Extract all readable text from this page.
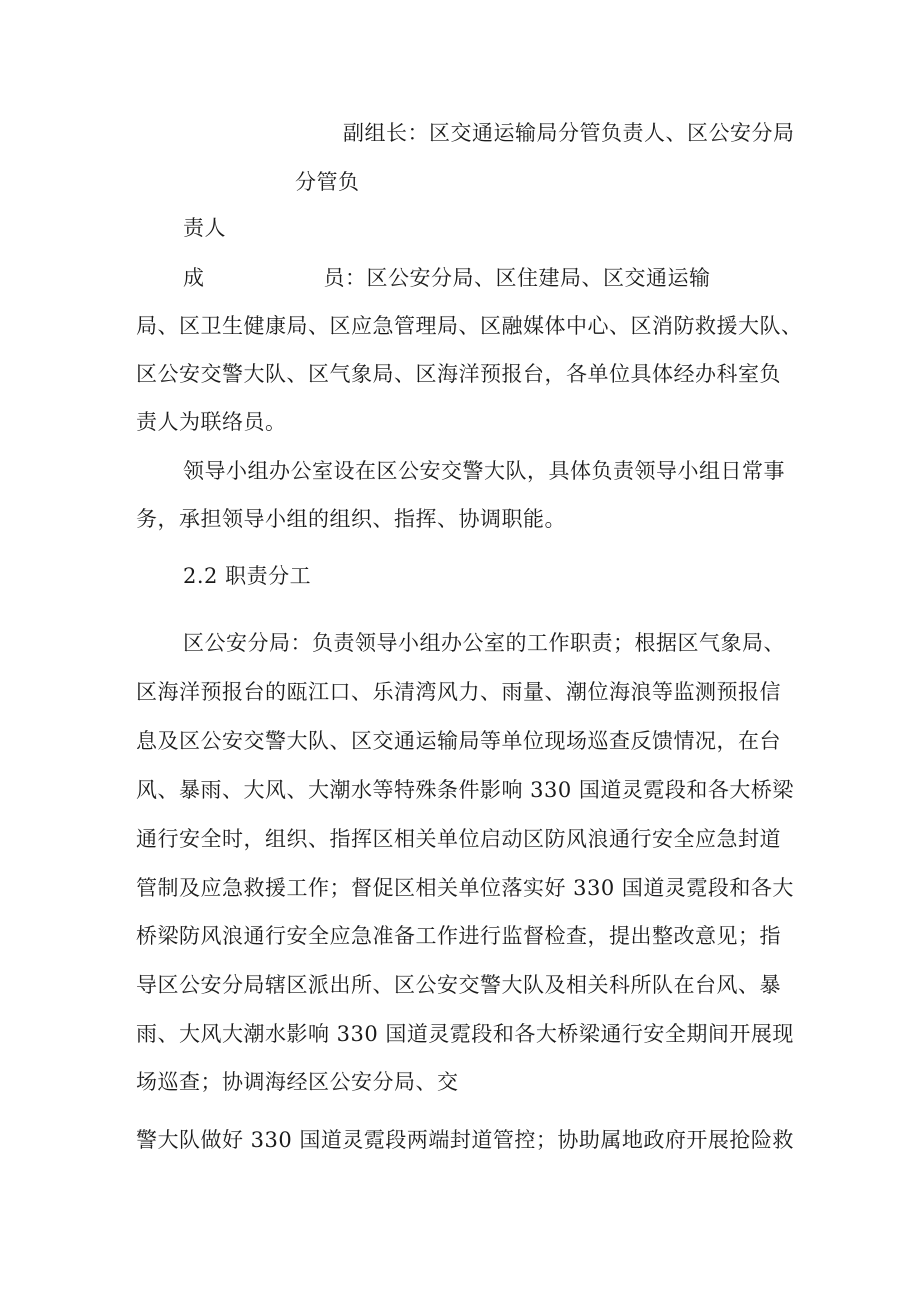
副组长：区交通运输局分管负责人、区公安分局
分管负
责人
成	员：区公安分局、区住建局、区交通运输
局、区卫生健康局、区应急管理局、区融媒体中心、区消防救援大队、
区公安交警大队、区气象局、区海洋预报台，各单位具体经办科室负
责人为联络员。
领导小组办公室设在区公安交警大队，具体负责领导小组日常事
务，承担领导小组的组织、指挥、协调职能。
2.2 职责分工
区公安分局：负责领导小组办公室的工作职责；根据区气象局、
区海洋预报台的瓯江口、乐清湾风力、雨量、潮位海浪等监测预报信
息及区公安交警大队、区交通运输局等单位现场巡查反馈情况，在台
风、暴雨、大风、大潮水等特殊条件影响 330 国道灵霓段和各大桥梁
通行安全时，组织、指挥区相关单位启动区防风浪通行安全应急封道
管制及应急救援工作；督促区相关单位落实好 330 国道灵霓段和各大
桥梁防风浪通行安全应急准备工作进行监督检查，提出整改意见；指
导区公安分局辖区派出所、区公安交警大队及相关科所队在台风、暴
雨、大风大潮水影响 330 国道灵霓段和各大桥梁通行安全期间开展现
场巡查；协调海经区公安分局、交
警大队做好 330 国道灵霓段两端封道管控；协助属地政府开展抢险救
